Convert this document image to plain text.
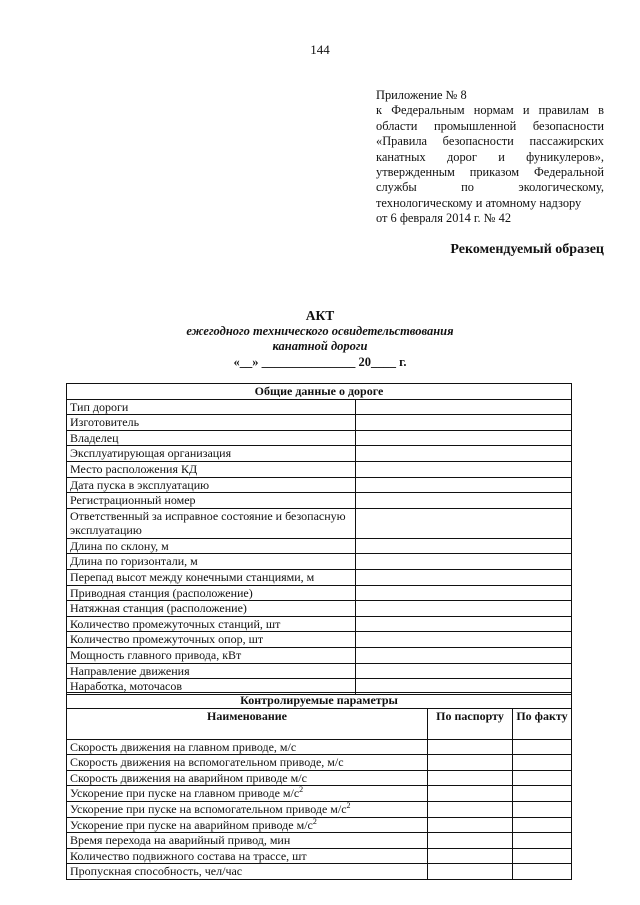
144
Приложение № 8
к Федеральным нормам и правилам в
области промышленной безопасности
«Правила безопасности пассажирских
канатных дорог и фуникулеров»,
утвержденным приказом Федеральной
службы по экологическому,
технологическому и атомному надзору
от 6 февраля 2014 г. № 42
Рекомендуемый образец
АКТ
ежегодного технического освидетельствования
канатной дороги
«__» _______________ 20____ г.
Общие данные о дороге	
Тип дороги	
Изготовитель	
Владелец	
Эксплуатирующая организация	
Место расположения КД	
Дата пуска в эксплуатацию	
Регистрационный номер	
Ответственный за исправное состояние и безопасную эксплуатацию	
Длина по склону, м	
Длина по горизонтали, м	
Перепад высот между конечными станциями, м	
Приводная станция (расположение)	
Натяжная станция (расположение)	
Количество промежуточных станций, шт	
Количество промежуточных опор, шт	
Мощность главного привода, кВт	
Направление движения	
Наработка, моточасов	
Контролируемые параметры		
Наименование	По паспорту	По факту
Скорость движения на главном приводе, м/с		
Скорость движения на вспомогательном приводе, м/с		
Скорость движения на аварийном приводе м/с		
Ускорение при пуске на главном приводе $м/с^2$		
Ускорение при пуске на вспомогательном приводе $м/с^2$		
Ускорение при пуске на аварийном приводе $м/с^2$		
Время перехода на аварийный привод, мин		
Количество подвижного состава на трассе, шт		
Пропускная способность, чел/час		
